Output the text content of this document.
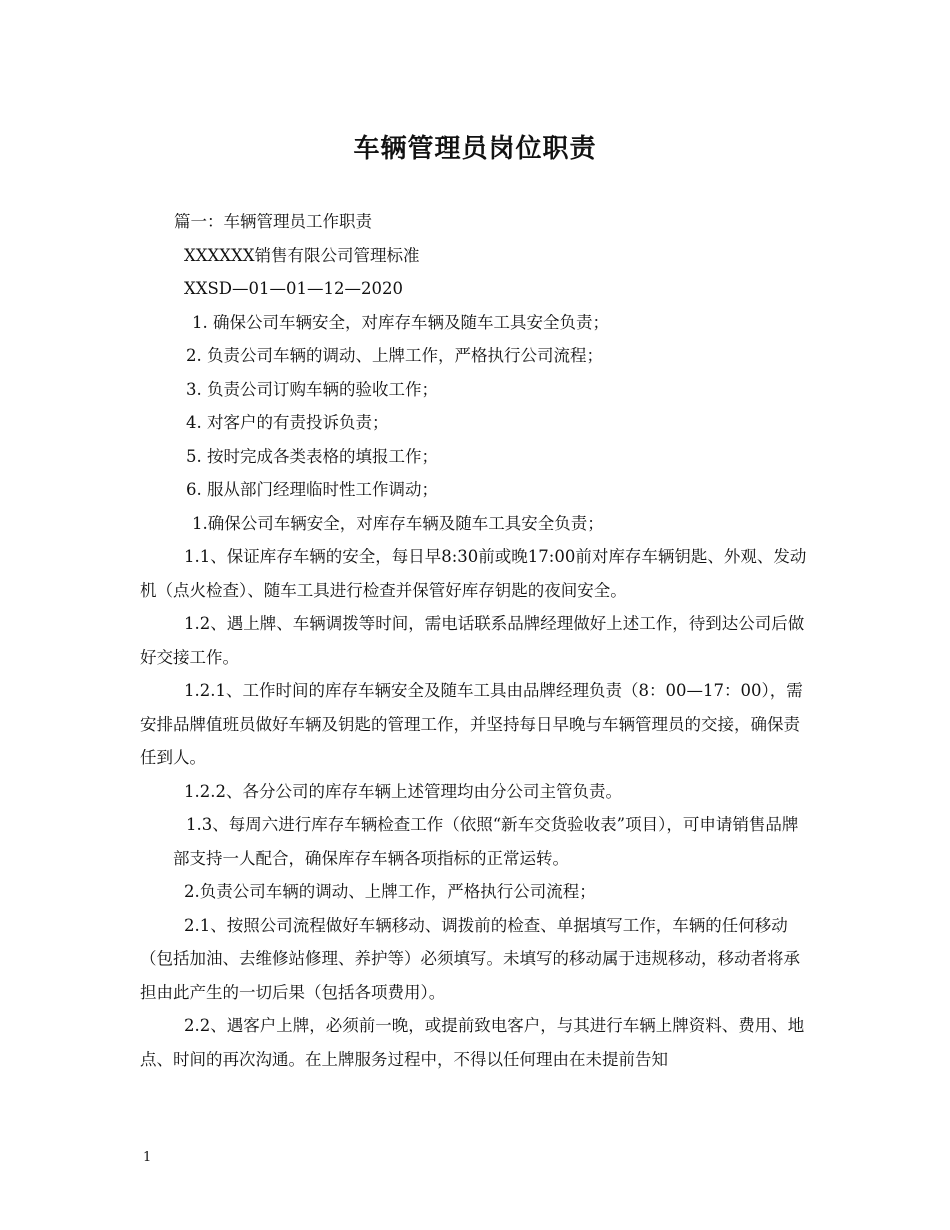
车辆管理员岗位职责

篇一：车辆管理员工作职责

XXXXXX销售有限公司管理标准

XXSD—01—01—12—2020

1. 确保公司车辆安全，对库存车辆及随车工具安全负责；

2. 负责公司车辆的调动、上牌工作，严格执行公司流程；

3. 负责公司订购车辆的验收工作；

4. 对客户的有责投诉负责；

5. 按时完成各类表格的填报工作；

6. 服从部门经理临时性工作调动；

1.确保公司车辆安全，对库存车辆及随车工具安全负责；

1.1、保证库存车辆的安全，每日早8:30前或晚17:00前对库存车辆钥匙、外观、发动机（点火检查）、随车工具进行检查并保管好库存钥匙的夜间安全。

1.2、遇上牌、车辆调拨等时间，需电话联系品牌经理做好上述工作，待到达公司后做好交接工作。

1.2.1、工作时间的库存车辆安全及随车工具由品牌经理负责（8：00—17：00），需安排品牌值班员做好车辆及钥匙的管理工作，并坚持每日早晚与车辆管理员的交接，确保责任到人。

1.2.2、各分公司的库存车辆上述管理均由分公司主管负责。

1.3、每周六进行库存车辆检查工作（依照“新车交货验收表”项目），可申请销售品牌部支持一人配合，确保库存车辆各项指标的正常运转。

2.负责公司车辆的调动、上牌工作，严格执行公司流程；

2.1、按照公司流程做好车辆移动、调拨前的检查、单据填写工作，车辆的任何移动（包括加油、去维修站修理、养护等）必须填写。未填写的移动属于违规移动，移动者将承担由此产生的一切后果（包括各项费用）。

2.2、遇客户上牌，必须前一晚，或提前致电客户，与其进行车辆上牌资料、费用、地点、时间的再次沟通。在上牌服务过程中，不得以任何理由在未提前告知

1
